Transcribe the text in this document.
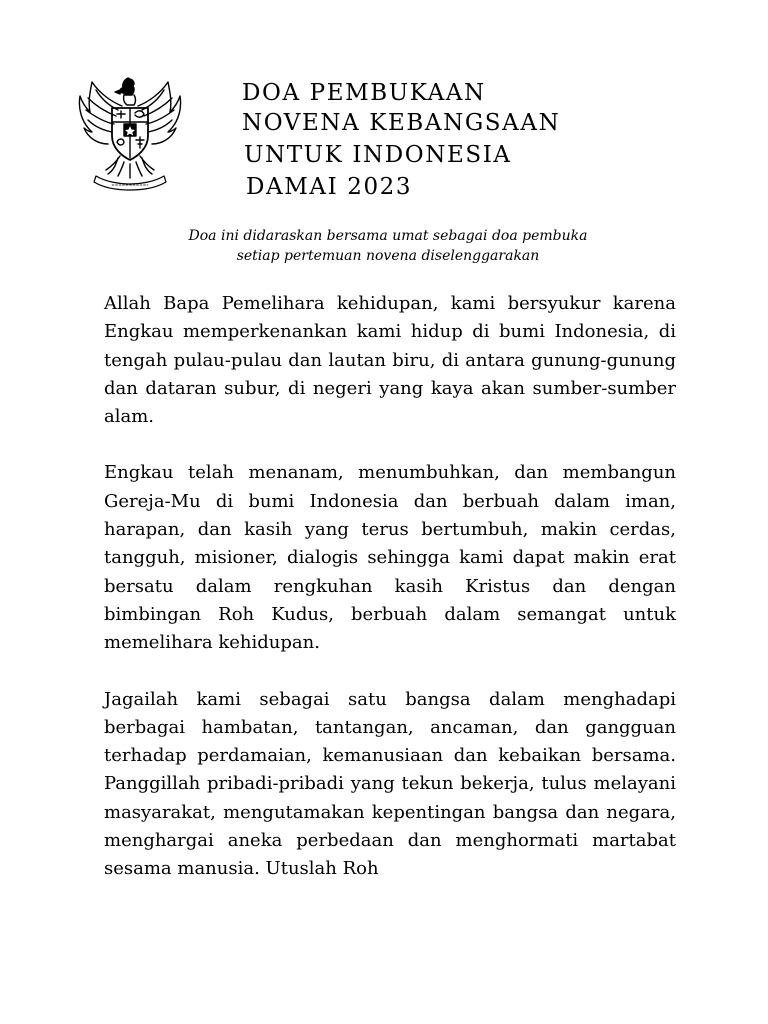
DOA PEMBUKAAN
NOVENA KEBANGSAAN
UNTUK INDONESIA
DAMAI 2023
Doa ini didaraskan bersama umat sebagai doa pembuka
setiap pertemuan novena diselenggarakan

Allah Bapa Pemelihara kehidupan, kami bersyukur karena Engkau memperkenankan kami hidup di bumi Indonesia, di tengah pulau-pulau dan lautan biru, di antara gunung-gunung dan dataran subur, di negeri yang kaya akan sumber-sumber alam.

Engkau telah menanam, menumbuhkan, dan membangun Gereja-Mu di bumi Indonesia dan berbuah dalam iman, harapan, dan kasih yang terus bertumbuh, makin cerdas, tangguh, misioner, dialogis sehingga kami dapat makin erat bersatu dalam rengkuhan kasih Kristus dan dengan bimbingan Roh Kudus, berbuah dalam semangat untuk memelihara kehidupan.

Jagailah kami sebagai satu bangsa dalam menghadapi berbagai hambatan, tantangan, ancaman, dan gangguan terhadap perdamaian, kemanusiaan dan kebaikan bersama. Panggillah pribadi-pribadi yang tekun bekerja, tulus melayani masyarakat, mengutamakan kepentingan bangsa dan negara, menghargai aneka perbedaan dan menghormati martabat sesama manusia. Utuslah Roh
